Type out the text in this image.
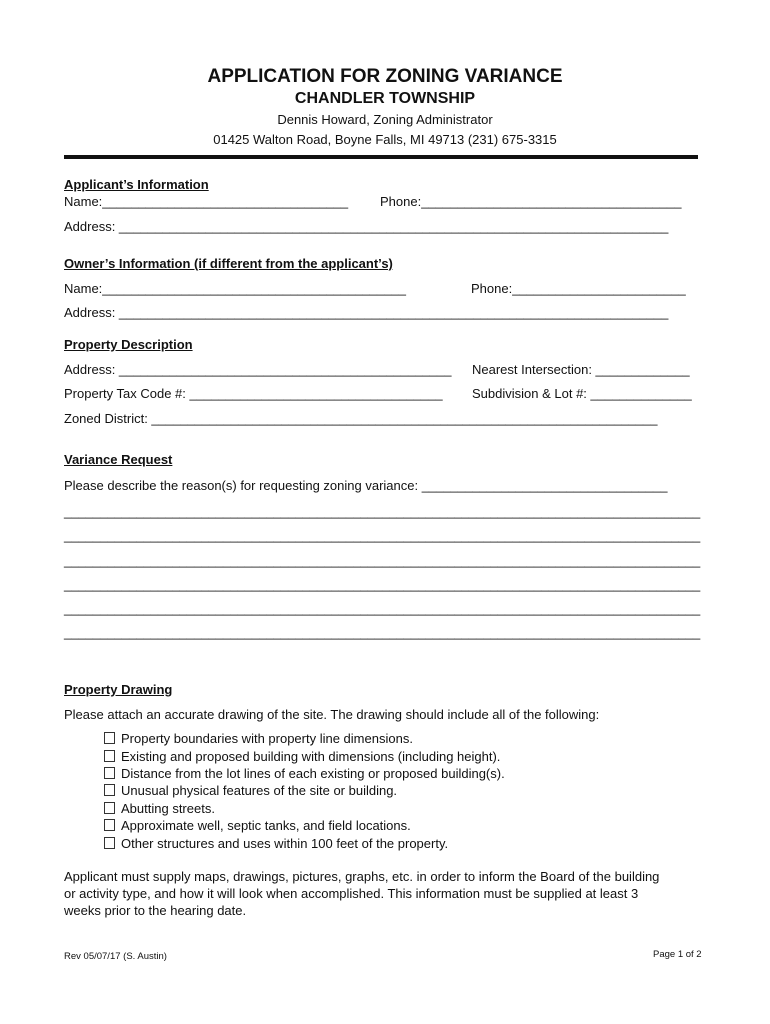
APPLICATION FOR ZONING VARIANCE
CHANDLER TOWNSHIP
Dennis Howard, Zoning Administrator
01425 Walton Road, Boyne Falls, MI 49713 (231) 675-3315
Applicant’s Information
Name:__________________________________ Phone:____________________________________
Address: ____________________________________________________________________________
Owner’s Information (if different from the applicant’s)
Name:__________________________________________	Phone:________________________
Address: ____________________________________________________________________________
Property Description
Address: ______________________________________________ Nearest Intersection: _____________
Property Tax Code #: ___________________________________ Subdivision & Lot #: ______________
Zoned District: ______________________________________________________________________
Variance Request
Please describe the reason(s) for requesting zoning variance: __________________________________
________________________________________________________________________________________
________________________________________________________________________________________
________________________________________________________________________________________
________________________________________________________________________________________
________________________________________________________________________________________
________________________________________________________________________________________
Property Drawing
Please attach an accurate drawing of the site. The drawing should include all of the following:
Property boundaries with property line dimensions.
Existing and proposed building with dimensions (including height).
Distance from the lot lines of each existing or proposed building(s).
Unusual physical features of the site or building.
Abutting streets.
Approximate well, septic tanks, and field locations.
Other structures and uses within 100 feet of the property.
Applicant must supply maps, drawings, pictures, graphs, etc. in order to inform the Board of the building
or activity type, and how it will look when accomplished. This information must be supplied at least 3
weeks prior to the hearing date.
Rev 05/07/17 (S. Austin)	Page 1 of 2
